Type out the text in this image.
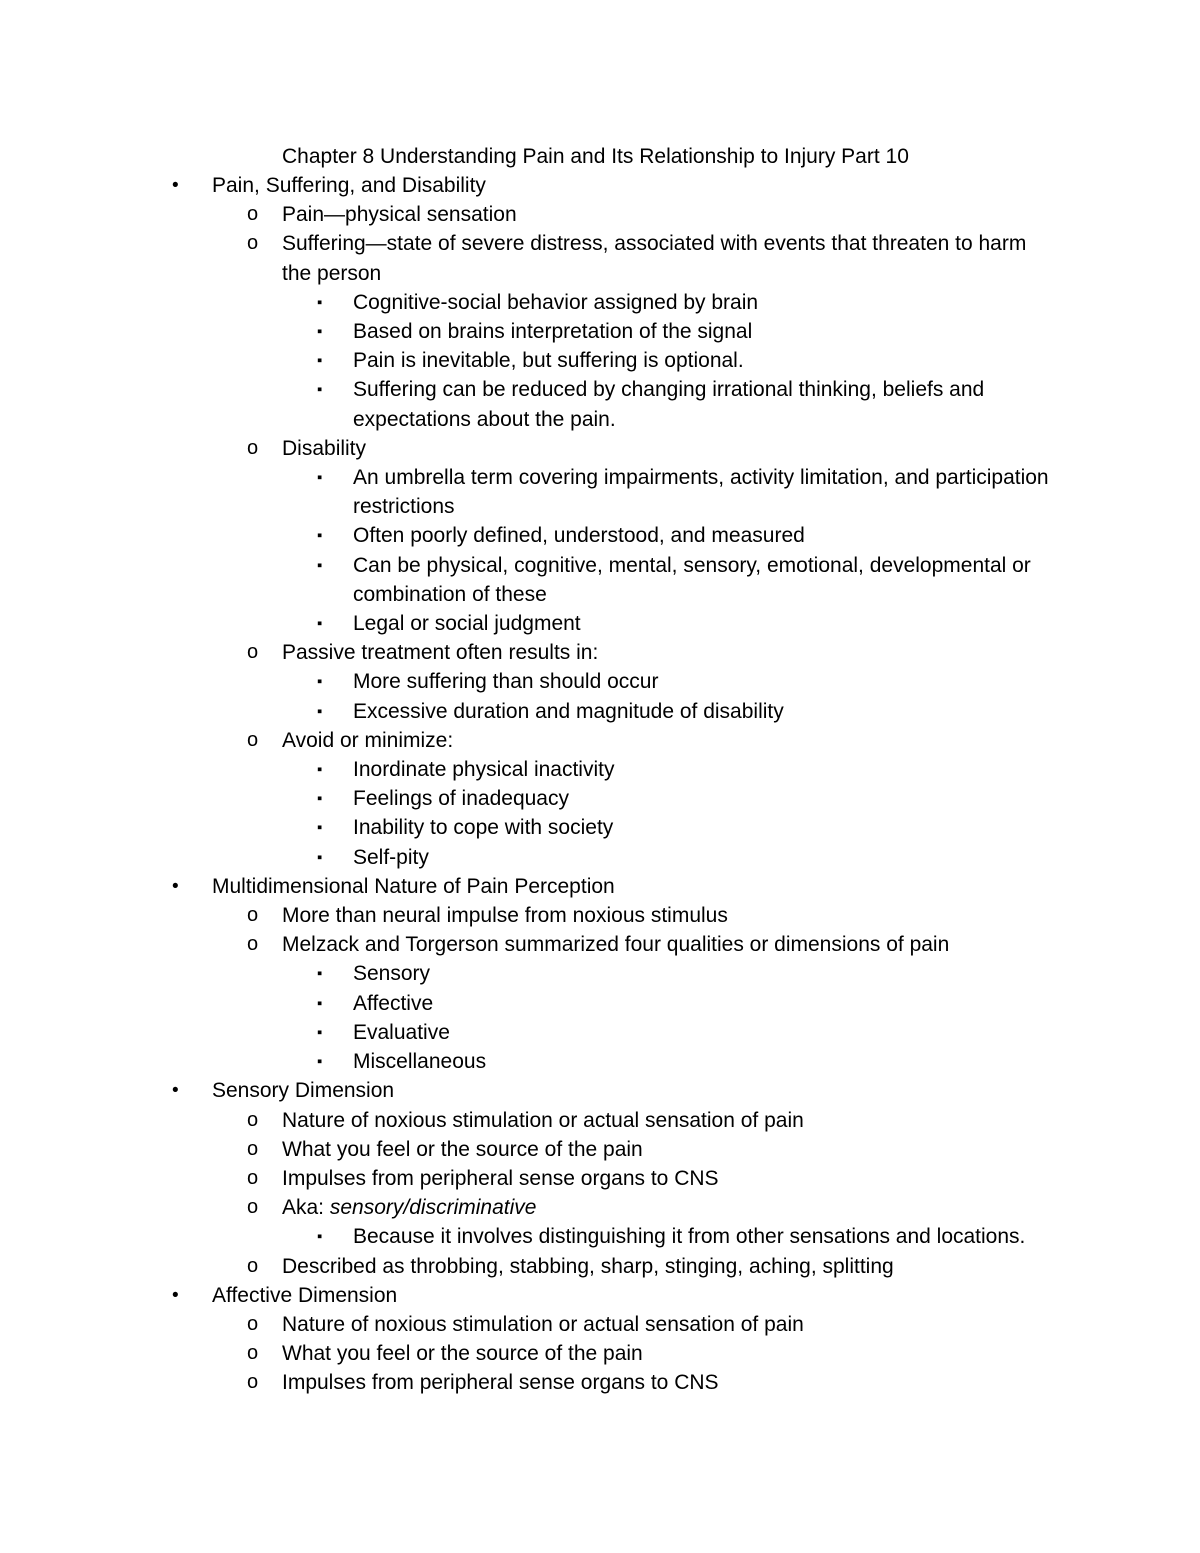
Chapter 8 Understanding Pain and Its Relationship to Injury Part 10
• Pain, Suffering, and Disability
o Pain—physical sensation
o Suffering—state of severe distress, associated with events that threaten to harm the person
▪ Cognitive-social behavior assigned by brain
▪ Based on brains interpretation of the signal
▪ Pain is inevitable, but suffering is optional.
▪ Suffering can be reduced by changing irrational thinking, beliefs and expectations about the pain.
o Disability
▪ An umbrella term covering impairments, activity limitation, and participation restrictions
▪ Often poorly defined, understood, and measured
▪ Can be physical, cognitive, mental, sensory, emotional, developmental or combination of these
▪ Legal or social judgment
o Passive treatment often results in:
▪ More suffering than should occur
▪ Excessive duration and magnitude of disability
o Avoid or minimize:
▪ Inordinate physical inactivity
▪ Feelings of inadequacy
▪ Inability to cope with society
▪ Self-pity
• Multidimensional Nature of Pain Perception
o More than neural impulse from noxious stimulus
o Melzack and Torgerson summarized four qualities or dimensions of pain
▪ Sensory
▪ Affective
▪ Evaluative
▪ Miscellaneous
• Sensory Dimension
o Nature of noxious stimulation or actual sensation of pain
o What you feel or the source of the pain
o Impulses from peripheral sense organs to CNS
o Aka: sensory/discriminative
▪ Because it involves distinguishing it from other sensations and locations.
o Described as throbbing, stabbing, sharp, stinging, aching, splitting
• Affective Dimension
o Nature of noxious stimulation or actual sensation of pain
o What you feel or the source of the pain
o Impulses from peripheral sense organs to CNS
